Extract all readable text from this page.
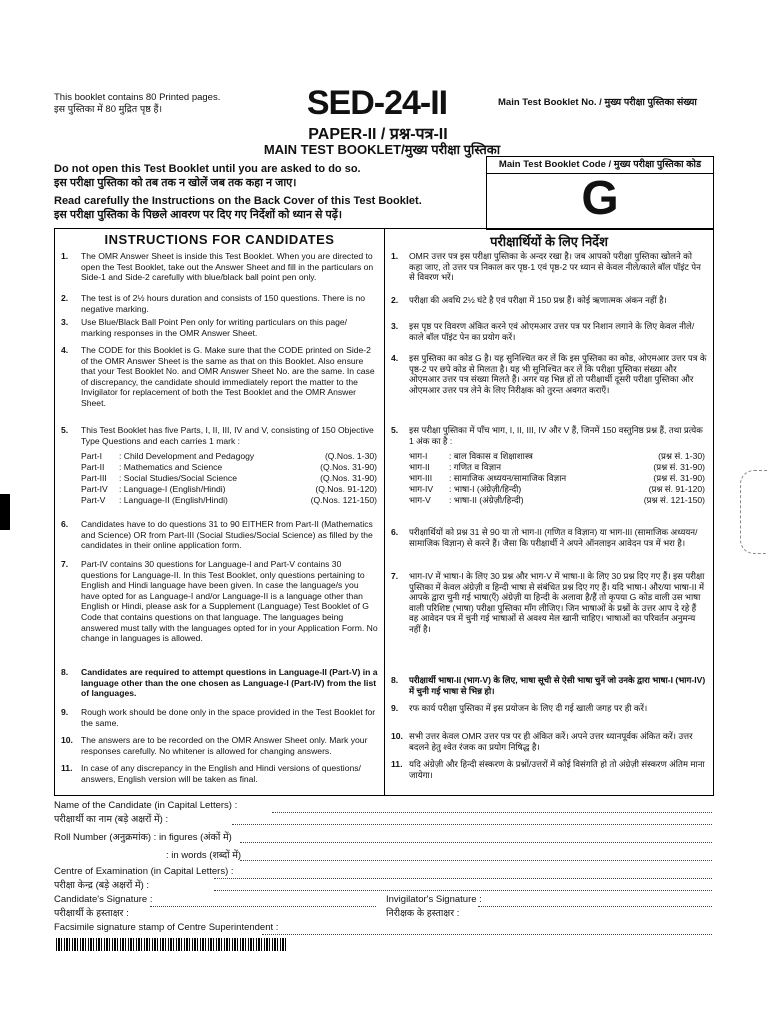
This booklet contains 80 Printed pages.
इस पुस्तिका में 80 मुद्रित पृष्ठ हैं।	SED-24-II
PAPER-II / प्रश्न-पत्र-II
MAIN TEST BOOKLET/मुख्य परीक्षा पुस्तिका
Main Test Booklet No. / मुख्य परीक्षा पुस्तिका संख्या
Do not open this Test Booklet until you are asked to do so.
इस परीक्षा पुस्तिका को तब तक न खोलें जब तक कहा न जाए।
Read carefully the Instructions on the Back Cover of this Test Booklet.
इस परीक्षा पुस्तिका के पिछले आवरण पर दिए गए निर्देशों को ध्यान से पढ़ें।
Main Test Booklet Code / मुख्य परीक्षा पुस्तिका कोड
G
INSTRUCTIONS FOR CANDIDATES
1. The OMR Answer Sheet is inside this Test Booklet. When you are directed to open the Test Booklet, take out the Answer Sheet and fill in the particulars on Side-1 and Side-2 carefully with blue/black ball point pen only.
2. The test is of 2½ hours duration and consists of 150 questions. There is no negative marking.
3. Use Blue/Black Ball Point Pen only for writing particulars on this page/ marking responses in the OMR Answer Sheet.
4. The CODE for this Booklet is G. Make sure that the CODE printed on Side-2 of the OMR Answer Sheet is the same as that on this Booklet. Also ensure that your Test Booklet No. and OMR Answer Sheet No. are the same. In case of discrepancy, the candidate should immediately report the matter to the Invigilator for replacement of both the Test Booklet and the OMR Answer Sheet.
5. This Test Booklet has five Parts, I, II, III, IV and V, consisting of 150 Objective Type Questions and each carries 1 mark :
Part-I	: Child Development and Pedagogy	(Q.Nos. 1-30)
Part-II	: Mathematics and Science	(Q.Nos. 31-90)
Part-III	: Social Studies/Social Science	(Q.Nos. 31-90)
Part-IV	: Language-I (English/Hindi)	(Q.Nos. 91-120)
Part-V	: Language-II (English/Hindi)	(Q.Nos. 121-150)
6. Candidates have to do questions 31 to 90 EITHER from Part-II (Mathematics and Science) OR from Part-III (Social Studies/Social Science) as filled by the candidates in their online application form.
7. Part-IV contains 30 questions for Language-I and Part-V contains 30 questions for Language-II. In this Test Booklet, only questions pertaining to English and Hindi language have been given. In case the language/s you have opted for as Language-I and/or Language-II is a language other than English or Hindi, please ask for a Supplement (Language) Test Booklet of G Code that contains questions on that language. The languages being answered must tally with the languages opted for in your Application Form. No change in languages is allowed.
8. Candidates are required to attempt questions in Language-II (Part-V) in a language other than the one chosen as Language-I (Part-IV) from the list of languages.
9. Rough work should be done only in the space provided in the Test Booklet for the same.
10. The answers are to be recorded on the OMR Answer Sheet only. Mark your responses carefully. No whitener is allowed for changing answers.
11. In case of any discrepancy in the English and Hindi versions of questions/ answers, English version will be taken as final.
परीक्षार्थियों के लिए निर्देश
1. OMR उत्तर पत्र इस परीक्षा पुस्तिका के अन्दर रखा है। जब आपको परीक्षा पुस्तिका खोलने को कहा जाए, तो उत्तर पत्र निकाल कर पृष्ठ-1 एवं पृष्ठ-2 पर ध्यान से केवल नीले/काले बॉल पॉइंट पेन से विवरण भरें।
2. परीक्षा की अवधि 2½ घंटे है एवं परीक्षा में 150 प्रश्न हैं। कोई ऋणात्मक अंकन नहीं है।
3. इस पृष्ठ पर विवरण अंकित करने एवं ओएमआर उत्तर पत्र पर निशान लगाने के लिए केवल नीले/काले बॉल पॉइंट पेन का प्रयोग करें।
4. इस पुस्तिका का कोड G है। यह सुनिश्चित कर लें कि इस पुस्तिका का कोड, ओएमआर उत्तर पत्र के पृष्ठ-2 पर छपे कोड से मिलता है। यह भी सुनिश्चित कर लें कि परीक्षा पुस्तिका संख्या और ओएमआर उत्तर पत्र संख्या मिलते हैं। अगर यह भिन्न हों तो परीक्षार्थी दूसरी परीक्षा पुस्तिका और ओएमआर उत्तर पत्र लेने के लिए निरीक्षक को तुरन्त अवगत कराएँ।
5. इस परीक्षा पुस्तिका में पाँच भाग, I, II, III, IV और V हैं, जिनमें 150 वस्तुनिष्ठ प्रश्न हैं, तथा प्रत्येक 1 अंक का है :
भाग-I	: बाल विकास व शिक्षाशास्त्र	(प्रश्न सं. 1-30)
भाग-II	: गणित व विज्ञान	(प्रश्न सं. 31-90)
भाग-III	: सामाजिक अध्ययन/सामाजिक विज्ञान	(प्रश्न सं. 31-90)
भाग-IV	: भाषा-I (अंग्रेज़ी/हिन्दी)	(प्रश्न सं. 91-120)
भाग-V	: भाषा-II (अंग्रेज़ी/हिन्दी)	(प्रश्न सं. 121-150)
6. परीक्षार्थियों को प्रश्न 31 से 90 या तो भाग-II (गणित व विज्ञान) या भाग-III (सामाजिक अध्ययन/सामाजिक विज्ञान) से करने हैं। जैसा कि परीक्षार्थी ने अपने ऑनलाइन आवेदन पत्र में भरा है।
7. भाग-IV में भाषा-I के लिए 30 प्रश्न और भाग-V में भाषा-II के लिए 30 प्रश्न दिए गए हैं। इस परीक्षा पुस्तिका में केवल अंग्रेज़ी व हिन्दी भाषा से संबंधित प्रश्न दिए गए हैं। यदि भाषा-I और/या भाषा-II में आपके द्वारा चुनी गई भाषा(एँ) अंग्रेज़ी या हिन्दी के अलावा है/हैं तो कृपया G कोड वाली उस भाषा वाली परिशिष्ट (भाषा) परीक्षा पुस्तिका माँग लीजिए। जिन भाषाओं के प्रश्नों के उत्तर आप दे रहे हैं वह आवेदन पत्र में चुनी गई भाषाओं से अवश्य मेल खानी चाहिए। भाषाओं का परिवर्तन अनुमन्य नहीं है।
8. परीक्षार्थी भाषा-II (भाग-V) के लिए, भाषा सूची से ऐसी भाषा चुनें जो उनके द्वारा भाषा-I (भाग-IV) में चुनी गई भाषा से भिन्न हो।
9. रफ कार्य परीक्षा पुस्तिका में इस प्रयोजन के लिए दी गई खाली जगह पर ही करें।
10. सभी उत्तर केवल OMR उत्तर पत्र पर ही अंकित करें। अपने उत्तर ध्यानपूर्वक अंकित करें। उत्तर बदलने हेतु श्वेत रंजक का प्रयोग निषिद्ध है।
11. यदि अंग्रेज़ी और हिन्दी संस्करण के प्रश्नों/उत्तरों में कोई विसंगति हो तो अंग्रेज़ी संस्करण अंतिम माना जायेगा।
Name of the Candidate (in Capital Letters) :
परीक्षार्थी का नाम (बड़े अक्षरों में) :
Roll Number (अनुक्रमांक) : in figures (अंकों में)
: in words (शब्दों में)
Centre of Examination (in Capital Letters) :
परीक्षा केन्द्र (बड़े अक्षरों में) :
Candidate's Signature :
परीक्षार्थी के हस्ताक्षर :
Invigilator's Signature :
निरीक्षक के हस्ताक्षर :
Facsimile signature stamp of Centre Superintendent :
